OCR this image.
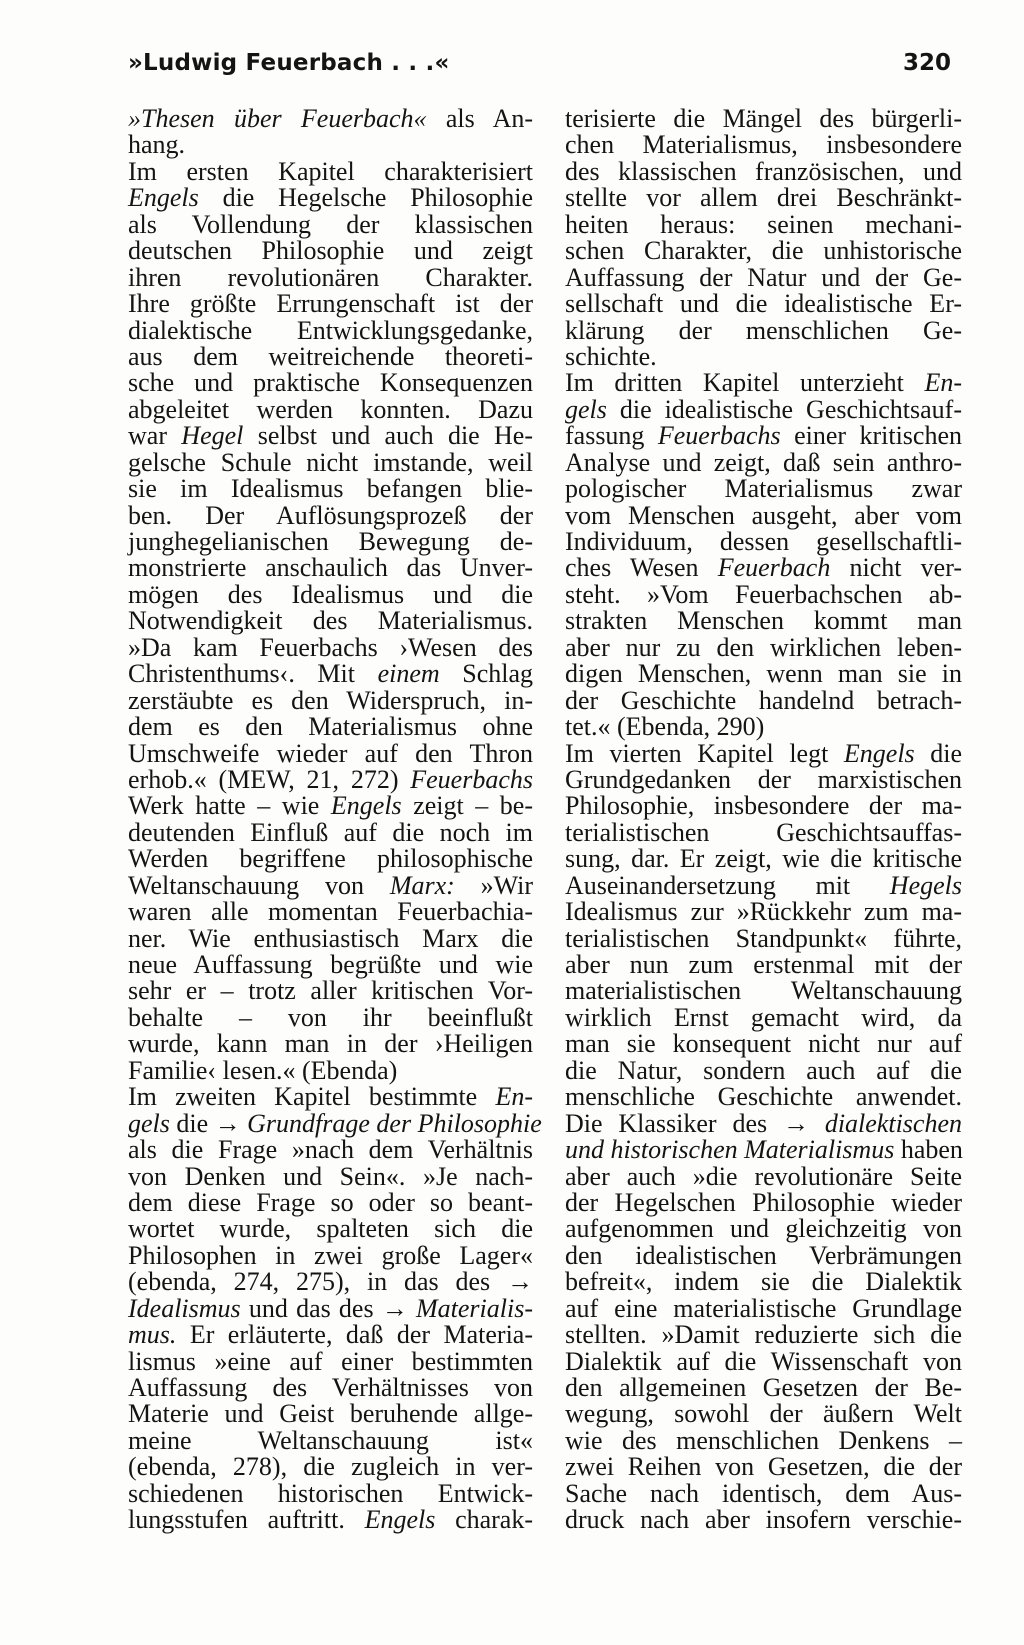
»Ludwig Feuerbach . . .«	320
»Thesen über Feuerbach« als An-
hang.
Im ersten Kapitel charakterisiert
Engels die Hegelsche Philosophie
als Vollendung der klassischen
deutschen Philosophie und zeigt
ihren revolutionären Charakter.
Ihre größte Errungenschaft ist der
dialektische Entwicklungsgedanke,
aus dem weitreichende theoreti-
sche und praktische Konsequenzen
abgeleitet werden konnten. Dazu
war Hegel selbst und auch die He-
gelsche Schule nicht imstande, weil
sie im Idealismus befangen blie-
ben. Der Auflösungsprozeß der
junghegelianischen Bewegung de-
monstrierte anschaulich das Unver-
mögen des Idealismus und die
Notwendigkeit des Materialismus.
»Da kam Feuerbachs ›Wesen des
Christenthums‹. Mit einem Schlag
zerstäubte es den Widerspruch, in-
dem es den Materialismus ohne
Umschweife wieder auf den Thron
erhob.« (MEW, 21, 272) Feuerbachs
Werk hatte – wie Engels zeigt – be-
deutenden Einfluß auf die noch im
Werden begriffene philosophische
Weltanschauung von Marx: »Wir
waren alle momentan Feuerbachia-
ner. Wie enthusiastisch Marx die
neue Auffassung begrüßte und wie
sehr er – trotz aller kritischen Vor-
behalte – von ihr beeinflußt
wurde, kann man in der ›Heiligen
Familie‹ lesen.« (Ebenda)
Im zweiten Kapitel bestimmte En-
gels die → Grundfrage der Philosophie
als die Frage »nach dem Verhältnis
von Denken und Sein«. »Je nach-
dem diese Frage so oder so beant-
wortet wurde, spalteten sich die
Philosophen in zwei große Lager«
(ebenda, 274, 275), in das des →
Idealismus und das des → Materialis-
mus. Er erläuterte, daß der Materia-
lismus »eine auf einer bestimmten
Auffassung des Verhältnisses von
Materie und Geist beruhende allge-
meine Weltanschauung ist«
(ebenda, 278), die zugleich in ver-
schiedenen historischen Entwick-
lungsstufen auftritt. Engels charak-
terisierte die Mängel des bürgerli-
chen Materialismus, insbesondere
des klassischen französischen, und
stellte vor allem drei Beschränkt-
heiten heraus: seinen mechani-
schen Charakter, die unhistorische
Auffassung der Natur und der Ge-
sellschaft und die idealistische Er-
klärung der menschlichen Ge-
schichte.
Im dritten Kapitel unterzieht En-
gels die idealistische Geschichtsauf-
fassung Feuerbachs einer kritischen
Analyse und zeigt, daß sein anthro-
pologischer Materialismus zwar
vom Menschen ausgeht, aber vom
Individuum, dessen gesellschaftli-
ches Wesen Feuerbach nicht ver-
steht. »Vom Feuerbachschen ab-
strakten Menschen kommt man
aber nur zu den wirklichen leben-
digen Menschen, wenn man sie in
der Geschichte handelnd betrach-
tet.« (Ebenda, 290)
Im vierten Kapitel legt Engels die
Grundgedanken der marxistischen
Philosophie, insbesondere der ma-
terialistischen Geschichtsauffas-
sung, dar. Er zeigt, wie die kritische
Auseinandersetzung mit Hegels
Idealismus zur »Rückkehr zum ma-
terialistischen Standpunkt« führte,
aber nun zum erstenmal mit der
materialistischen Weltanschauung
wirklich Ernst gemacht wird, da
man sie konsequent nicht nur auf
die Natur, sondern auch auf die
menschliche Geschichte anwendet.
Die Klassiker des → dialektischen
und historischen Materialismus haben
aber auch »die revolutionäre Seite
der Hegelschen Philosophie wieder
aufgenommen und gleichzeitig von
den idealistischen Verbrämungen
befreit«, indem sie die Dialektik
auf eine materialistische Grundlage
stellten. »Damit reduzierte sich die
Dialektik auf die Wissenschaft von
den allgemeinen Gesetzen der Be-
wegung, sowohl der äußern Welt
wie des menschlichen Denkens –
zwei Reihen von Gesetzen, die der
Sache nach identisch, dem Aus-
druck nach aber insofern verschie-
